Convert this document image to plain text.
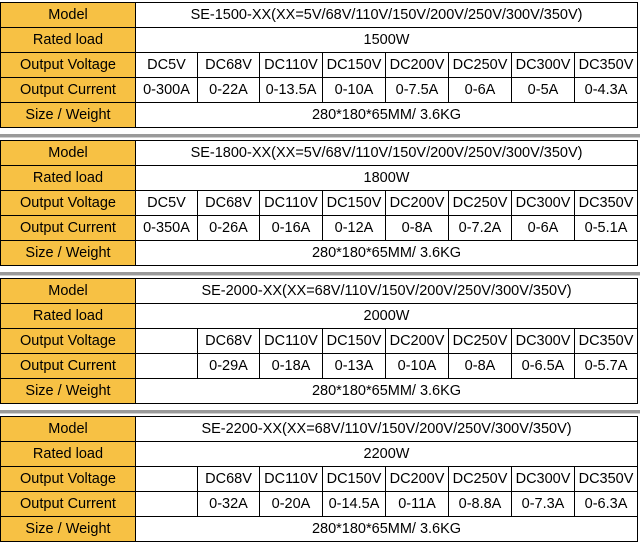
Model	SE-1500-XX(XX=5V/68V/110V/150V/200V/250V/300V/350V)							
Rated load	1500W							
Output Voltage	DC5V	DC68V	DC110V	DC150V	DC200V	DC250V	DC300V	DC350V
Output Current	0-300A	0-22A	0-13.5A	0-10A	0-7.5A	0-6A	0-5A	0-4.3A
Size / Weight	280*180*65MM/ 3.6KG							
Model	SE-1800-XX(XX=5V/68V/110V/150V/200V/250V/300V/350V)							
Rated load	1800W							
Output Voltage	DC5V	DC68V	DC110V	DC150V	DC200V	DC250V	DC300V	DC350V
Output Current	0-350A	0-26A	0-16A	0-12A	0-8A	0-7.2A	0-6A	0-5.1A
Size / Weight	280*180*65MM/ 3.6KG							
Model	SE-2000-XX(XX=68V/110V/150V/200V/250V/300V/350V)							
Rated load	2000W							
Output Voltage		DC68V	DC110V	DC150V	DC200V	DC250V	DC300V	DC350V
Output Current		0-29A	0-18A	0-13A	0-10A	0-8A	0-6.5A	0-5.7A
Size / Weight	280*180*65MM/ 3.6KG							
Model	SE-2200-XX(XX=68V/110V/150V/200V/250V/300V/350V)							
Rated load	2200W							
Output Voltage		DC68V	DC110V	DC150V	DC200V	DC250V	DC300V	DC350V
Output Current		0-32A	0-20A	0-14.5A	0-11A	0-8.8A	0-7.3A	0-6.3A
Size / Weight	280*180*65MM/ 3.6KG							
